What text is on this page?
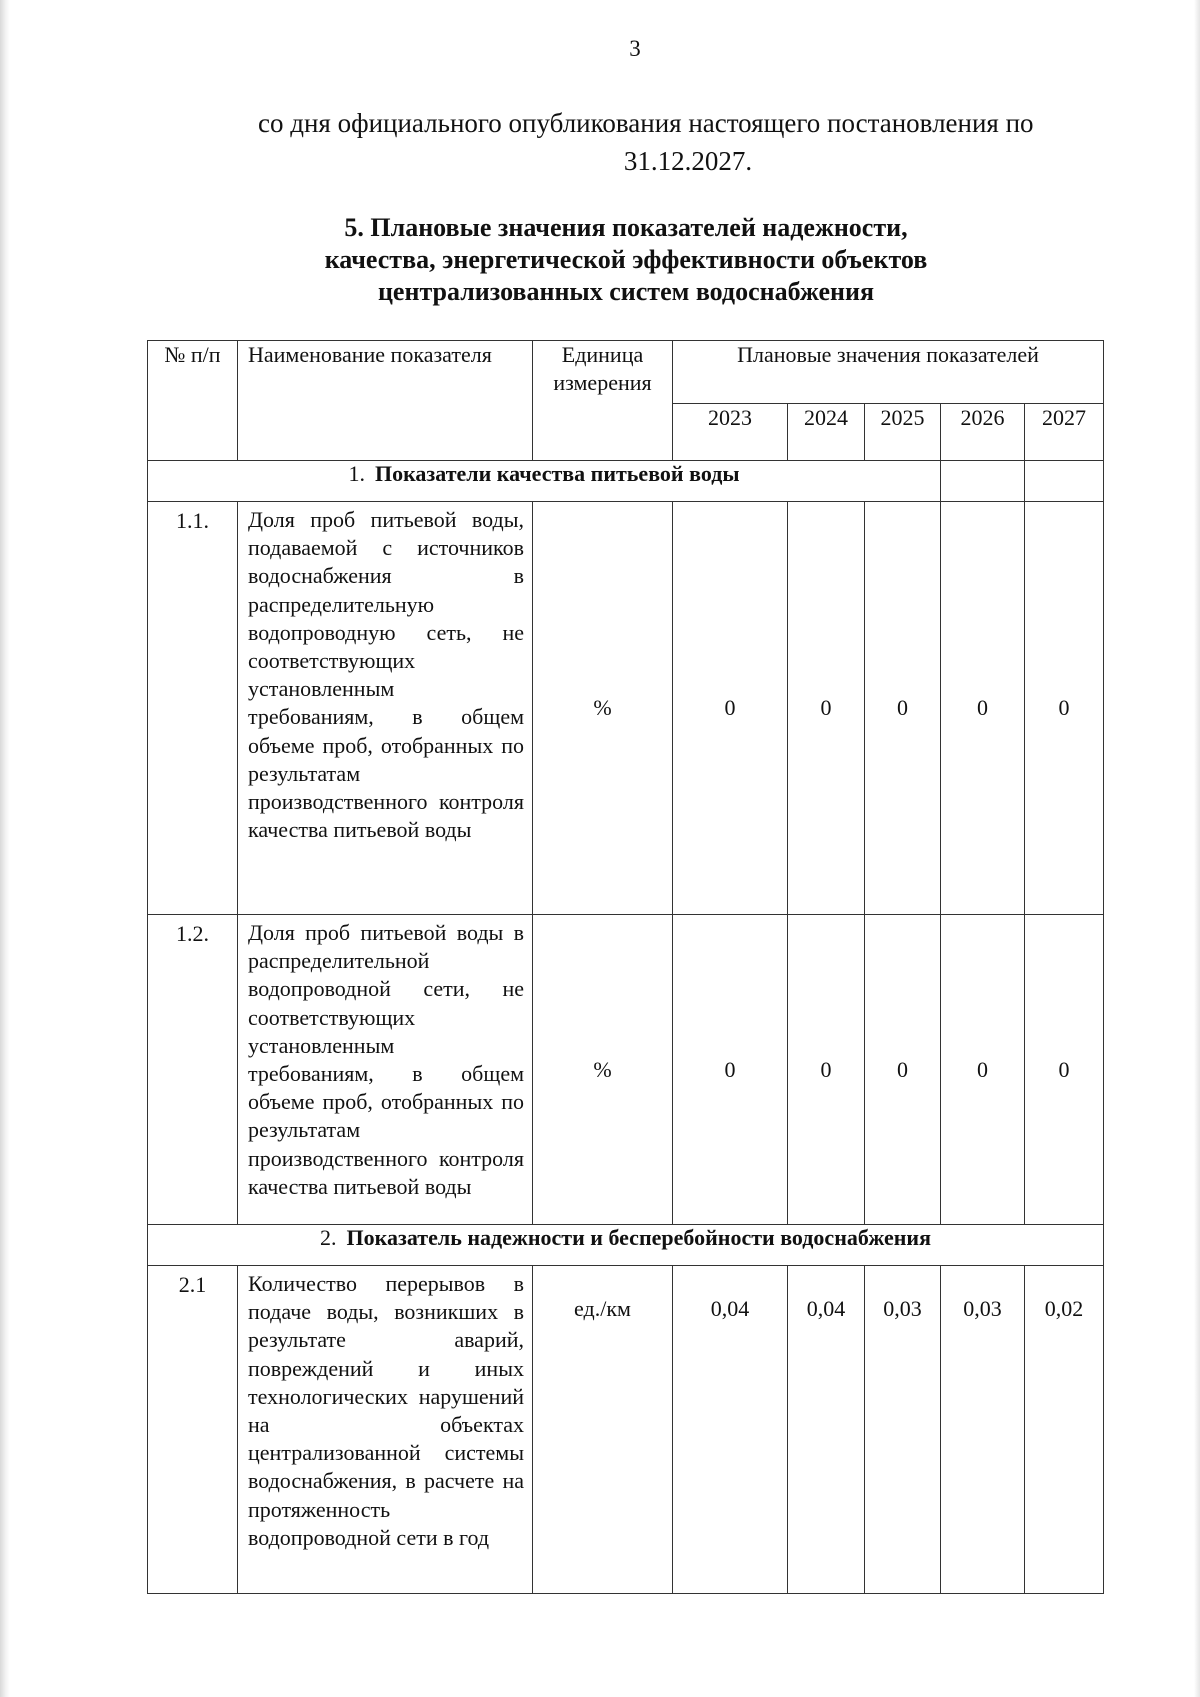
3
со дня официального опубликования настоящего постановления по
31.12.2027.
5. Плановые значения показателей надежности,
качества, энергетической эффективности объектов
централизованных систем водоснабжения
№ п/п	Наименование показателя	Единица измерения	Плановые значения показателей				
			2023	2024	2025	2026	2027
1. Показатели качества питьевой воды							
1.1.	Доля проб питьевой воды, подаваемой с источников водоснабжения в распределительную водопроводную сеть, не соответствующих установленным требованиям, в общем объеме проб, отобранных по результатам производственного контроля качества питьевой воды	%	0	0	0	0	0
1.2.	Доля проб питьевой воды в распределительной водопроводной сети, не соответствующих установленным требованиям, в общем объеме проб, отобранных по результатам производственного контроля качества питьевой воды	%	0	0	0	0	0
2. Показатель надежности и бесперебойности водоснабжения							
2.1	Количество перерывов в подаче воды, возникших в результате аварий, повреждений и иных технологических нарушений на объектах централизованной системы водоснабжения, в расчете на протяженность водопроводной сети в год	ед./км	0,04	0,04	0,03	0,03	0,02
